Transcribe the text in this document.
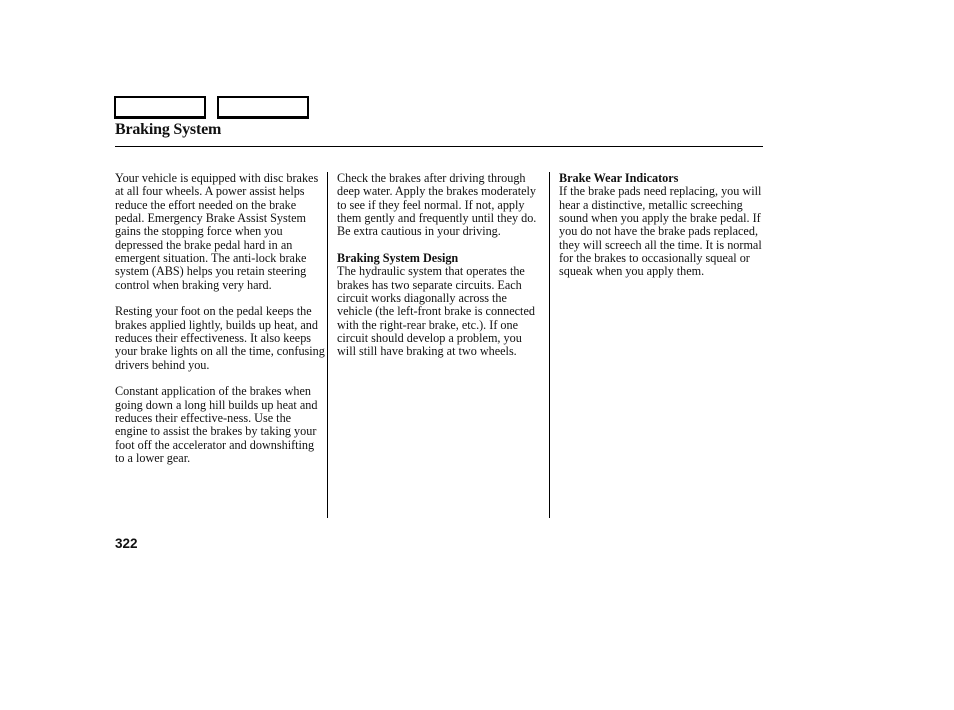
Braking System

Your vehicle is equipped with disc brakes at all four wheels. A power assist helps reduce the effort needed on the brake pedal. Emergency Brake Assist System gains the stopping force when you depressed the brake pedal hard in an emergent situation. The anti-lock brake system (ABS) helps you retain steering control when braking very hard.

Resting your foot on the pedal keeps the brakes applied lightly, builds up heat, and reduces their effectiveness. It also keeps your brake lights on all the time, confusing drivers behind you.

Constant application of the brakes when going down a long hill builds up heat and reduces their effective-ness. Use the engine to assist the brakes by taking your foot off the accelerator and downshifting to a lower gear.

Check the brakes after driving through deep water. Apply the brakes moderately to see if they feel normal. If not, apply them gently and frequently until they do. Be extra cautious in your driving.

Braking System Design

The hydraulic system that operates the brakes has two separate circuits. Each circuit works diagonally across the vehicle (the left-front brake is connected with the right-rear brake, etc.). If one circuit should develop a problem, you will still have braking at two wheels.

Brake Wear Indicators

If the brake pads need replacing, you will hear a distinctive, metallic screeching sound when you apply the brake pedal. If you do not have the brake pads replaced, they will screech all the time. It is normal for the brakes to occasionally squeal or squeak when you apply them.

322
